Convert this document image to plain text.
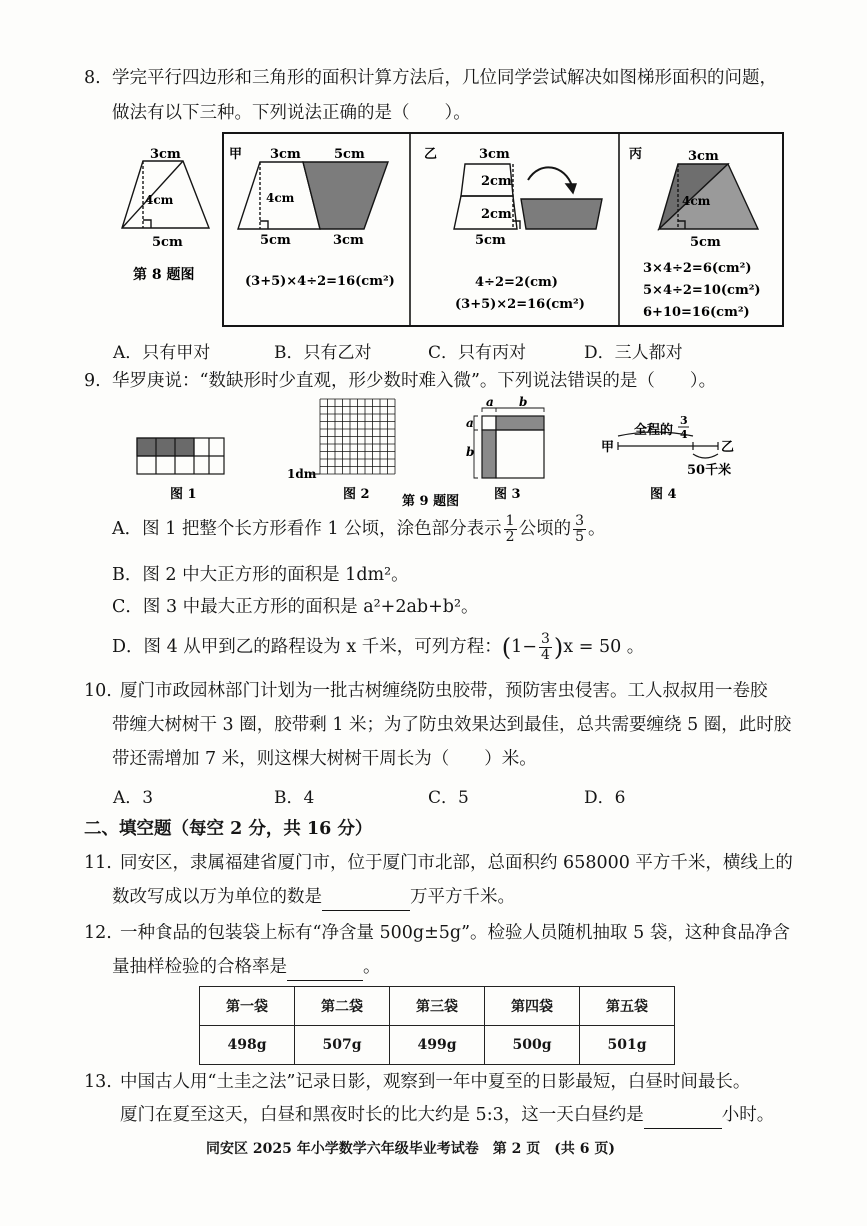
8. 学完平行四边形和三角形的面积计算方法后，几位同学尝试解决如图梯形面积的问题，
做法有以下三种。下列说法正确的是（　　）。
3cm
4cm
5cm
第 8 题图
甲 3cm	5cm
4cm
5cm	3cm
(3+5)×4÷2=16(cm²)
乙	3cm
2cm
2cm
5cm
4÷2=2(cm)
(3+5)×2=16(cm²)
丙	3cm
4cm
5cm
3×4÷2=6(cm²)
5×4÷2=10(cm²)
6+10=16(cm²)
A．只有甲对	B．只有乙对	C．只有丙对	D．三人都对
9. 华罗庚说：“数缺形时少直观，形少数时难入微”。下列说法错误的是（　　）。
图 1
1dm
图 2 第 9 题图
a b
a
b
图 3
全程的
3
4
甲	乙
50千米
图 4
A．图 1 把整个长方形看作 1 公顷，涂色部分表示 $\frac{1}{2}$ 公顷的 $\frac{3}{5}$ 。
B．图 2 中大正方形的面积是 1dm²。
C．图 3 中最大正方形的面积是 a²+2ab+b²。
D．图 4 从甲到乙的路程设为 x 千米，可列方程：$(1- \frac{3}{4} )x = 50$ 。
10. 厦门市政园林部门计划为一批古树缠绕防虫胶带，预防害虫侵害。工人叔叔用一卷胶
带缠大树树干 3 圈，胶带剩 1 米；为了防虫效果达到最佳，总共需要缠绕 5 圈，此时胶
带还需增加 7 米，则这棵大树树干周长为（　　）米。
A．3	B．4	C．5	D．6
二、填空题（每空 2 分，共 16 分）
11. 同安区，隶属福建省厦门市，位于厦门市北部，总面积约 658000 平方千米，横线上的
数改写成以万为单位的数是	万平方千米。
12. 一种食品的包装袋上标有“净含量 500g±5g”。检验人员随机抽取 5 袋，这种食品净含
量抽样检验的合格率是	。
第一袋	第二袋	第三袋	第四袋	第五袋
498g	507g	499g	500g	501g
13. 中国古人用“土圭之法”记录日影，观察到一年中夏至的日影最短，白昼时间最长。
厦门在夏至这天，白昼和黑夜时长的比大约是 5:3，这一天白昼约是	小时。
同安区 2025 年小学数学六年级毕业考试卷　第 2 页　(共 6 页)
